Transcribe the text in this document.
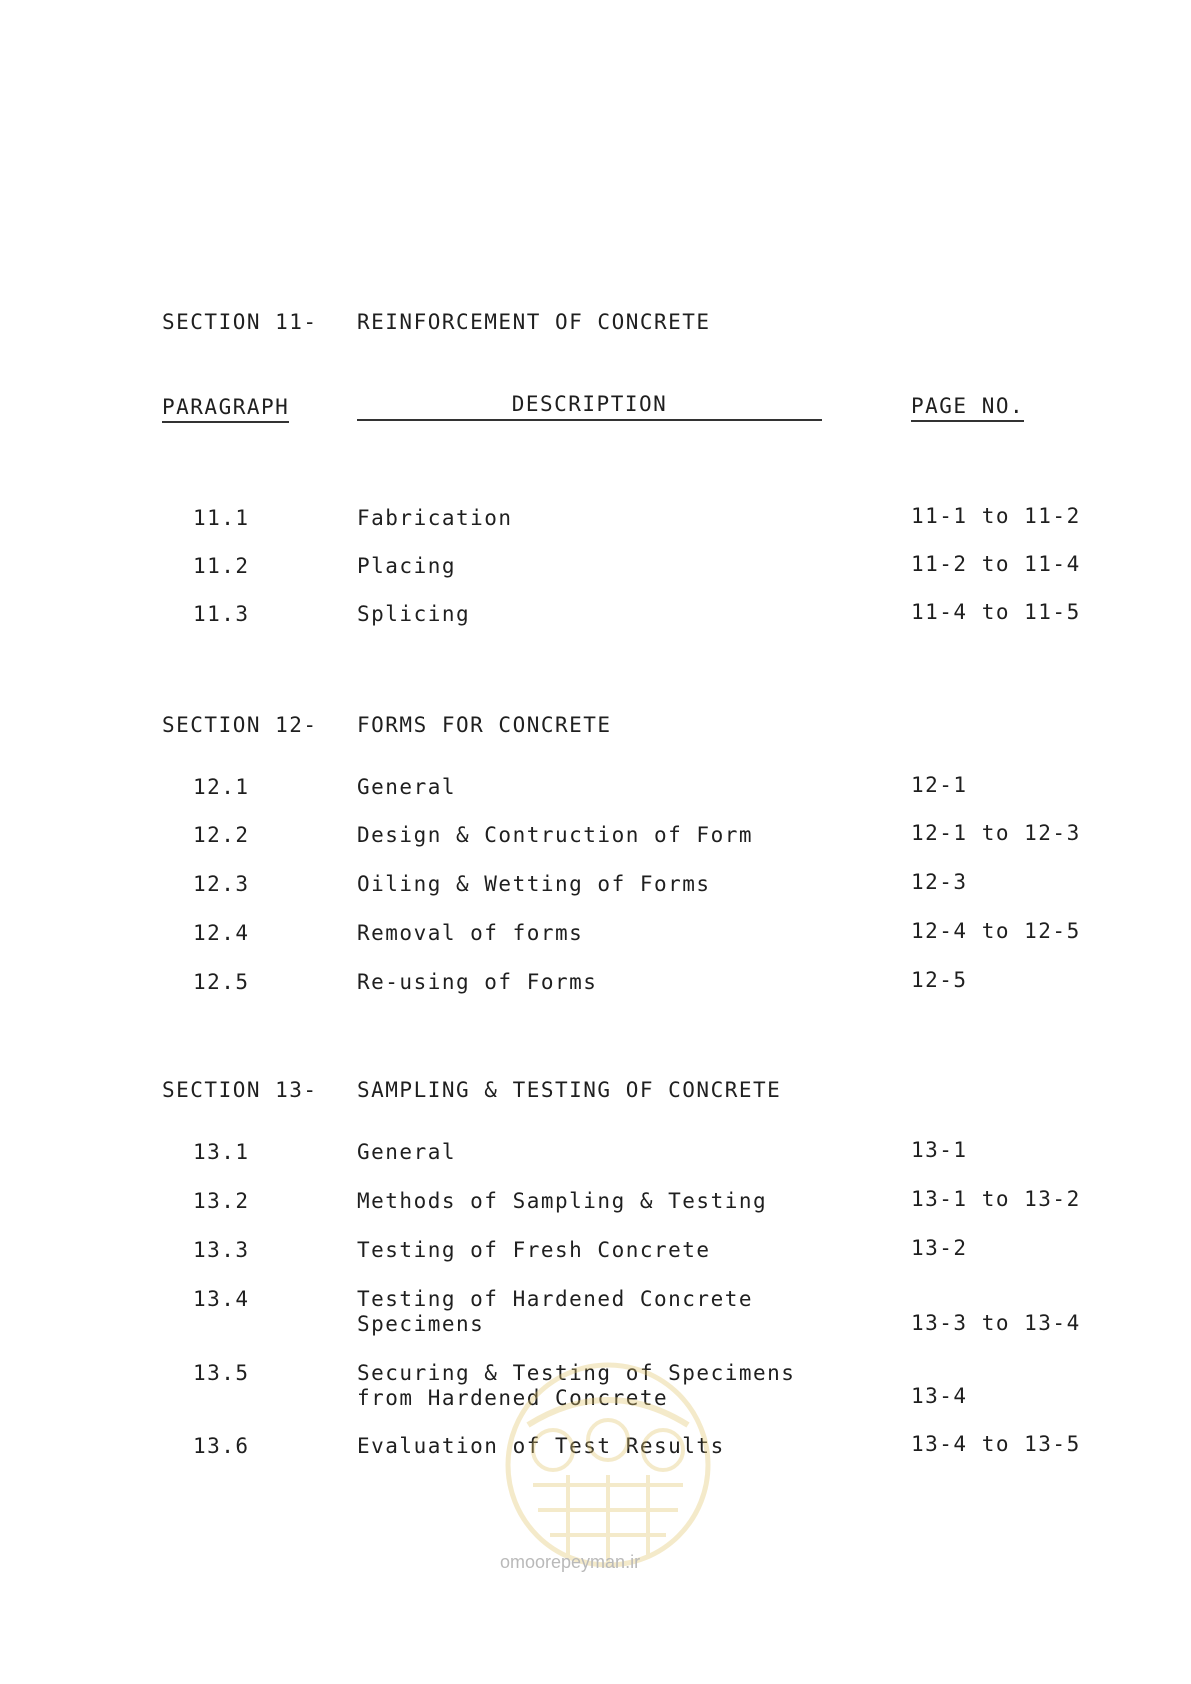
SECTION 11- REINFORCEMENT OF CONCRETE
PARAGRAPH	DESCRIPTION	PAGE NO.
11.1	Fabrication	11-1 to 11-2
11.2	Placing	11-2 to 11-4
11.3	Splicing	11-4 to 11-5
SECTION 12- FORMS FOR CONCRETE
12.1	General	12-1
12.2	Design & Contruction of Form	12-1 to 12-3
12.3	Oiling & Wetting of Forms	12-3
12.4	Removal of forms	12-4 to 12-5
12.5	Re-using of Forms	12-5
SECTION 13- SAMPLING & TESTING OF CONCRETE
13.1	General	13-1
13.2	Methods of Sampling & Testing	13-1 to 13-2
13.3	Testing of Fresh Concrete	13-2
13.4	Testing of Hardened Concrete
Specimens	13-3 to 13-4
13.5	Securing & Testing of Specimens
from Hardened Concrete	13-4
13.6	Evaluation of Test Results	13-4 to 13-5
omoorepeyman.ir
